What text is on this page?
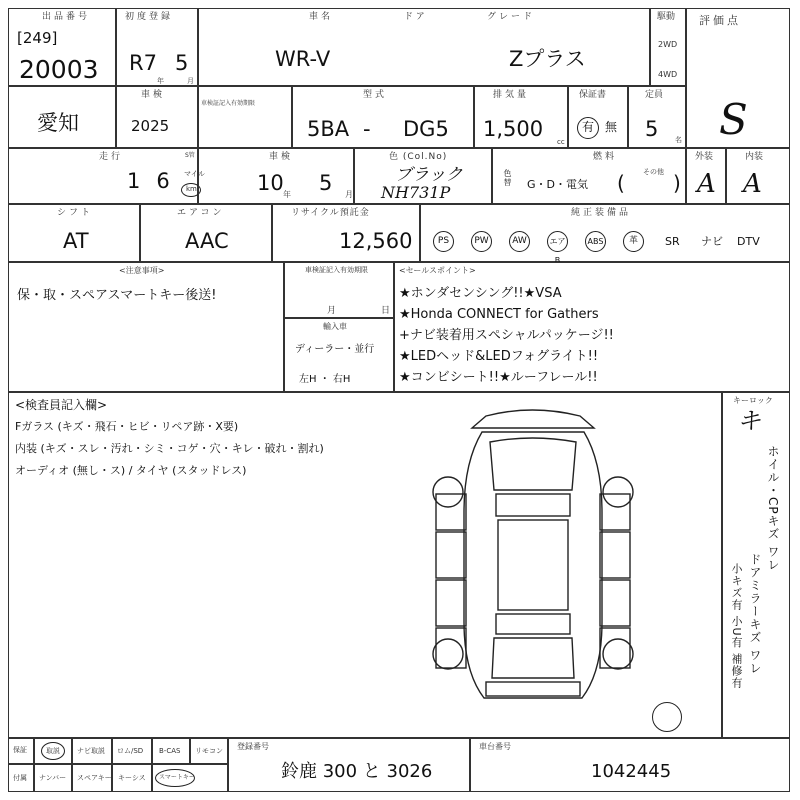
出品番号
[249]
20003
初度登録
R7 5
年	月
車名	ドア	グレード
WR-V	Zプラス
駆動
2WD
4WD
評価点
S
愛知
車検
2025
車検証記入有効期限
型式
5BA - DG5
排気量
1,500
cc
保証書
有 無
定員
5 名
走行	S管
16
マイル
km
車検
10 年 5 月
色 (Col.No)
ブラック
NH731P
燃料
色替 G・D・電気
その他
( )
外装
A
内装
A
シフト
AT
エアコン
AAC
リサイクル預託金
12,560
純正装備品
PS	PW	AW	エアB
ABS	革	SR ナビ DTV
<注意事項>
保・取・スペアスマートキー後送!
車検証記入有効期限
月	日
輸入車
ディーラー・並行
左H ・ 右H
<セールスポイント>
★ホンダセンシング!!★VSA
★Honda CONNECT for Gathers
+ナビ装着用スペシャルパッケージ!!
★LEDヘッド&LEDフォグライト!!
★コンビシート!!★ルーフレール!!
<検査員記入欄>
Fガラス (キズ・飛石・ヒビ・リペア跡・X要)
内装 (キズ・スレ・汚れ・シミ・コゲ・穴・キレ・破れ・割れ)
オーディオ (無し・ス) / タイヤ (スタッドレス)
キーロック
キ
ホイル・CPキズ ワレ
ドアミラーキズ ワレ
小キズ有 小U有 補修有
保証
付属
取説 ナビ取説 ロム/SD B-CAS リモコン
ナンバー スペアキー キーシス スマートキー
登録番号
鈴鹿 300 と 3026
車台番号
1042445
